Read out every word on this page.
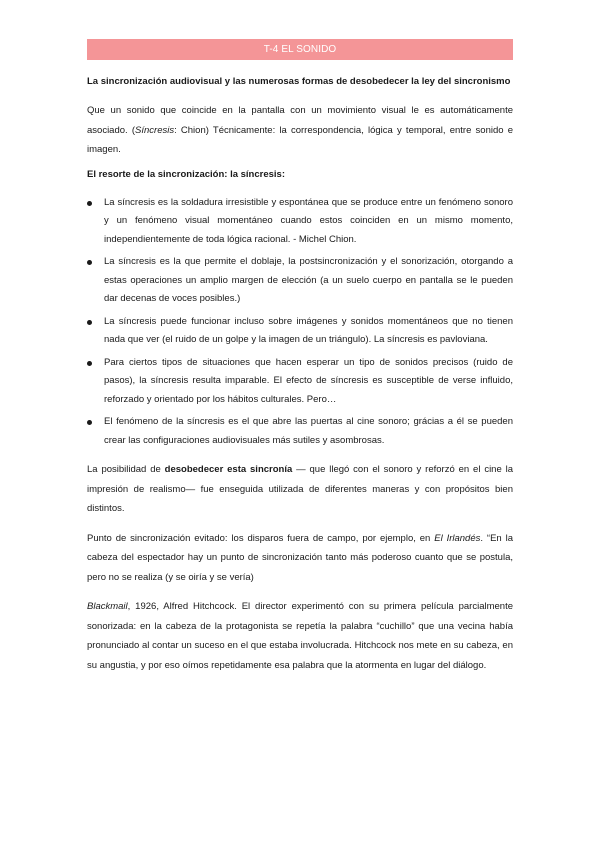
T-4 EL SONIDO
La sincronización audiovisual y las numerosas formas de desobedecer la ley del sincronismo

Que un sonido que coincide en la pantalla con un movimiento visual le es automáticamente asociado. (Síncresis: Chion) Técnicamente: la correspondencia, lógica y temporal, entre sonido e imagen.

El resorte de la sincronización: la síncresis:
La síncresis es la soldadura irresistible y espontánea que se produce entre un fenómeno sonoro y un fenómeno visual momentáneo cuando estos coinciden en un mismo momento, independientemente de toda lógica racional. - Michel Chion.
La síncresis es la que permite el doblaje, la postsincronización y el sonorización, otorgando a estas operaciones un amplio margen de elección (a un suelo cuerpo en pantalla se le pueden dar decenas de voces posibles.)
La síncresis puede funcionar incluso sobre imágenes y sonidos momentáneos que no tienen nada que ver (el ruido de un golpe y la imagen de un triángulo). La síncresis es pavloviana.
Para ciertos tipos de situaciones que hacen esperar un tipo de sonidos precisos (ruido de pasos), la síncresis resulta imparable. El efecto de síncresis es susceptible de verse influido, reforzado y orientado por los hábitos culturales. Pero…
El fenómeno de la síncresis es el que abre las puertas al cine sonoro; grácias a él se pueden crear las configuraciones audiovisuales más sutiles y asombrosas.

La posibilidad de desobedecer esta sincronía — que llegó con el sonoro y reforzó en el cine la impresión de realismo— fue enseguida utilizada de diferentes maneras y con propósitos bien distintos.

Punto de sincronización evitado: los disparos fuera de campo, por ejemplo, en El Irlandés. “En la cabeza del espectador hay un punto de sincronización tanto más poderoso cuanto que se postula, pero no se realiza (y se oiría y se vería)

Blackmail, 1926, Alfred Hitchcock. El director experimentó con su primera película parcialmente sonorizada: en la cabeza de la protagonista se repetía la palabra “cuchillo” que una vecina había pronunciado al contar un suceso en el que estaba involucrada. Hitchcock nos mete en su cabeza, en su angustia, y por eso oímos repetidamente esa palabra que la atormenta en lugar del diálogo.
